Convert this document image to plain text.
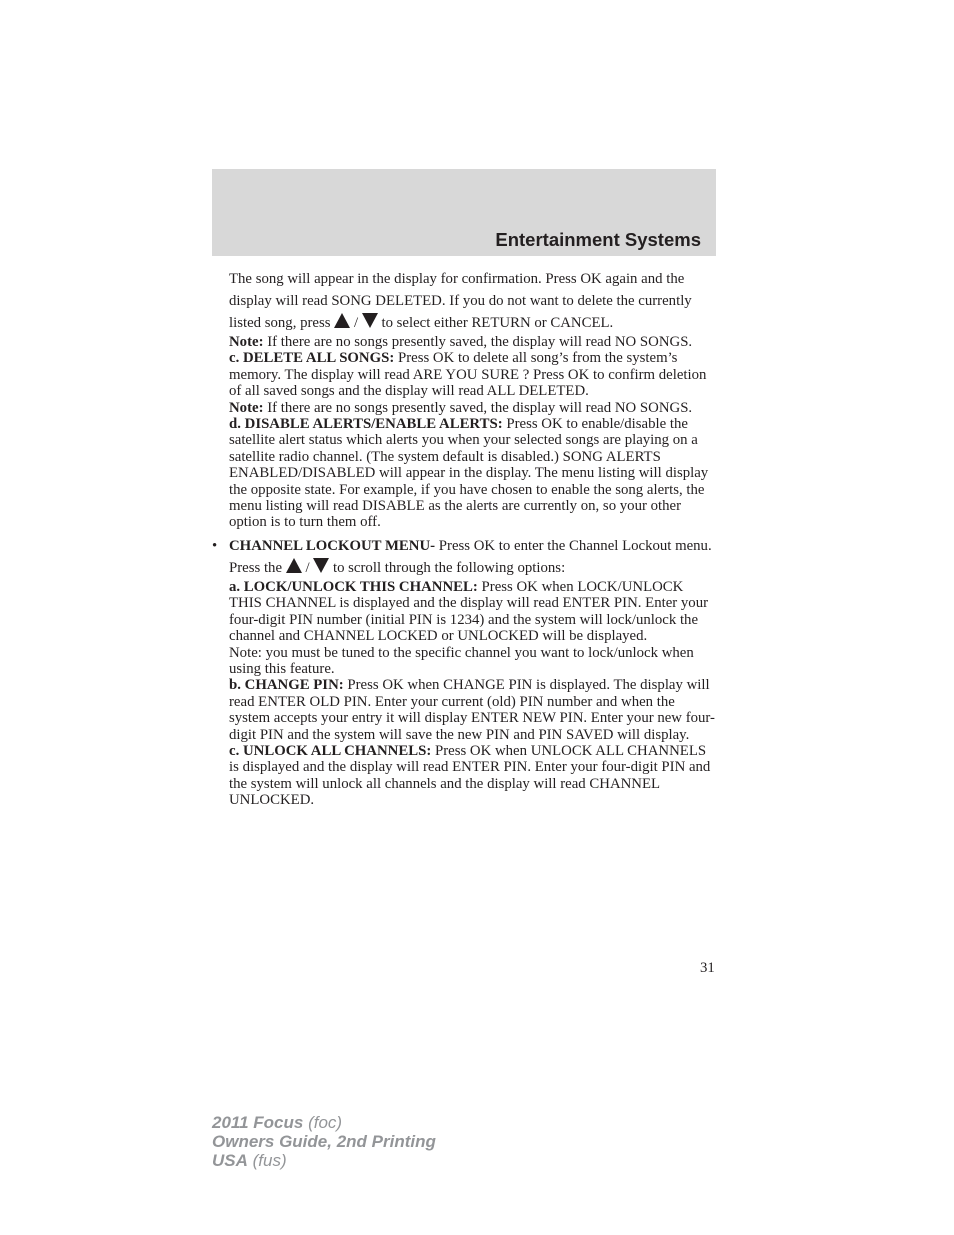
Entertainment Systems

The song will appear in the display for confirmation. Press OK again and the display will read SONG DELETED. If you do not want to delete the currently listed song, press / to select either RETURN or CANCEL.

Note: If there are no songs presently saved, the display will read NO SONGS.

c. DELETE ALL SONGS: Press OK to delete all song’s from the system’s memory. The display will read ARE YOU SURE ? Press OK to confirm deletion of all saved songs and the display will read ALL DELETED.

Note: If there are no songs presently saved, the display will read NO SONGS.

d. DISABLE ALERTS/ENABLE ALERTS: Press OK to enable/disable the satellite alert status which alerts you when your selected songs are playing on a satellite radio channel. (The system default is disabled.) SONG ALERTS ENABLED/DISABLED will appear in the display. The menu listing will display the opposite state. For example, if you have chosen to enable the song alerts, the menu listing will read DISABLE as the alerts are currently on, so your other option is to turn them off.

• CHANNEL LOCKOUT MENU- Press OK to enter the Channel Lockout menu. Press the / to scroll through the following options:

a. LOCK/UNLOCK THIS CHANNEL: Press OK when LOCK/UNLOCK THIS CHANNEL is displayed and the display will read ENTER PIN. Enter your four-digit PIN number (initial PIN is 1234) and the system will lock/unlock the channel and CHANNEL LOCKED or UNLOCKED will be displayed.

Note: you must be tuned to the specific channel you want to lock/unlock when using this feature.

b. CHANGE PIN: Press OK when CHANGE PIN is displayed. The display will read ENTER OLD PIN. Enter your current (old) PIN number and when the system accepts your entry it will display ENTER NEW PIN. Enter your new four-digit PIN and the system will save the new PIN and PIN SAVED will display.

c. UNLOCK ALL CHANNELS: Press OK when UNLOCK ALL CHANNELS is displayed and the display will read ENTER PIN. Enter your four-digit PIN and the system will unlock all channels and the display will read CHANNEL UNLOCKED.

31
2011 Focus (foc)
Owners Guide, 2nd Printing
USA (fus)
